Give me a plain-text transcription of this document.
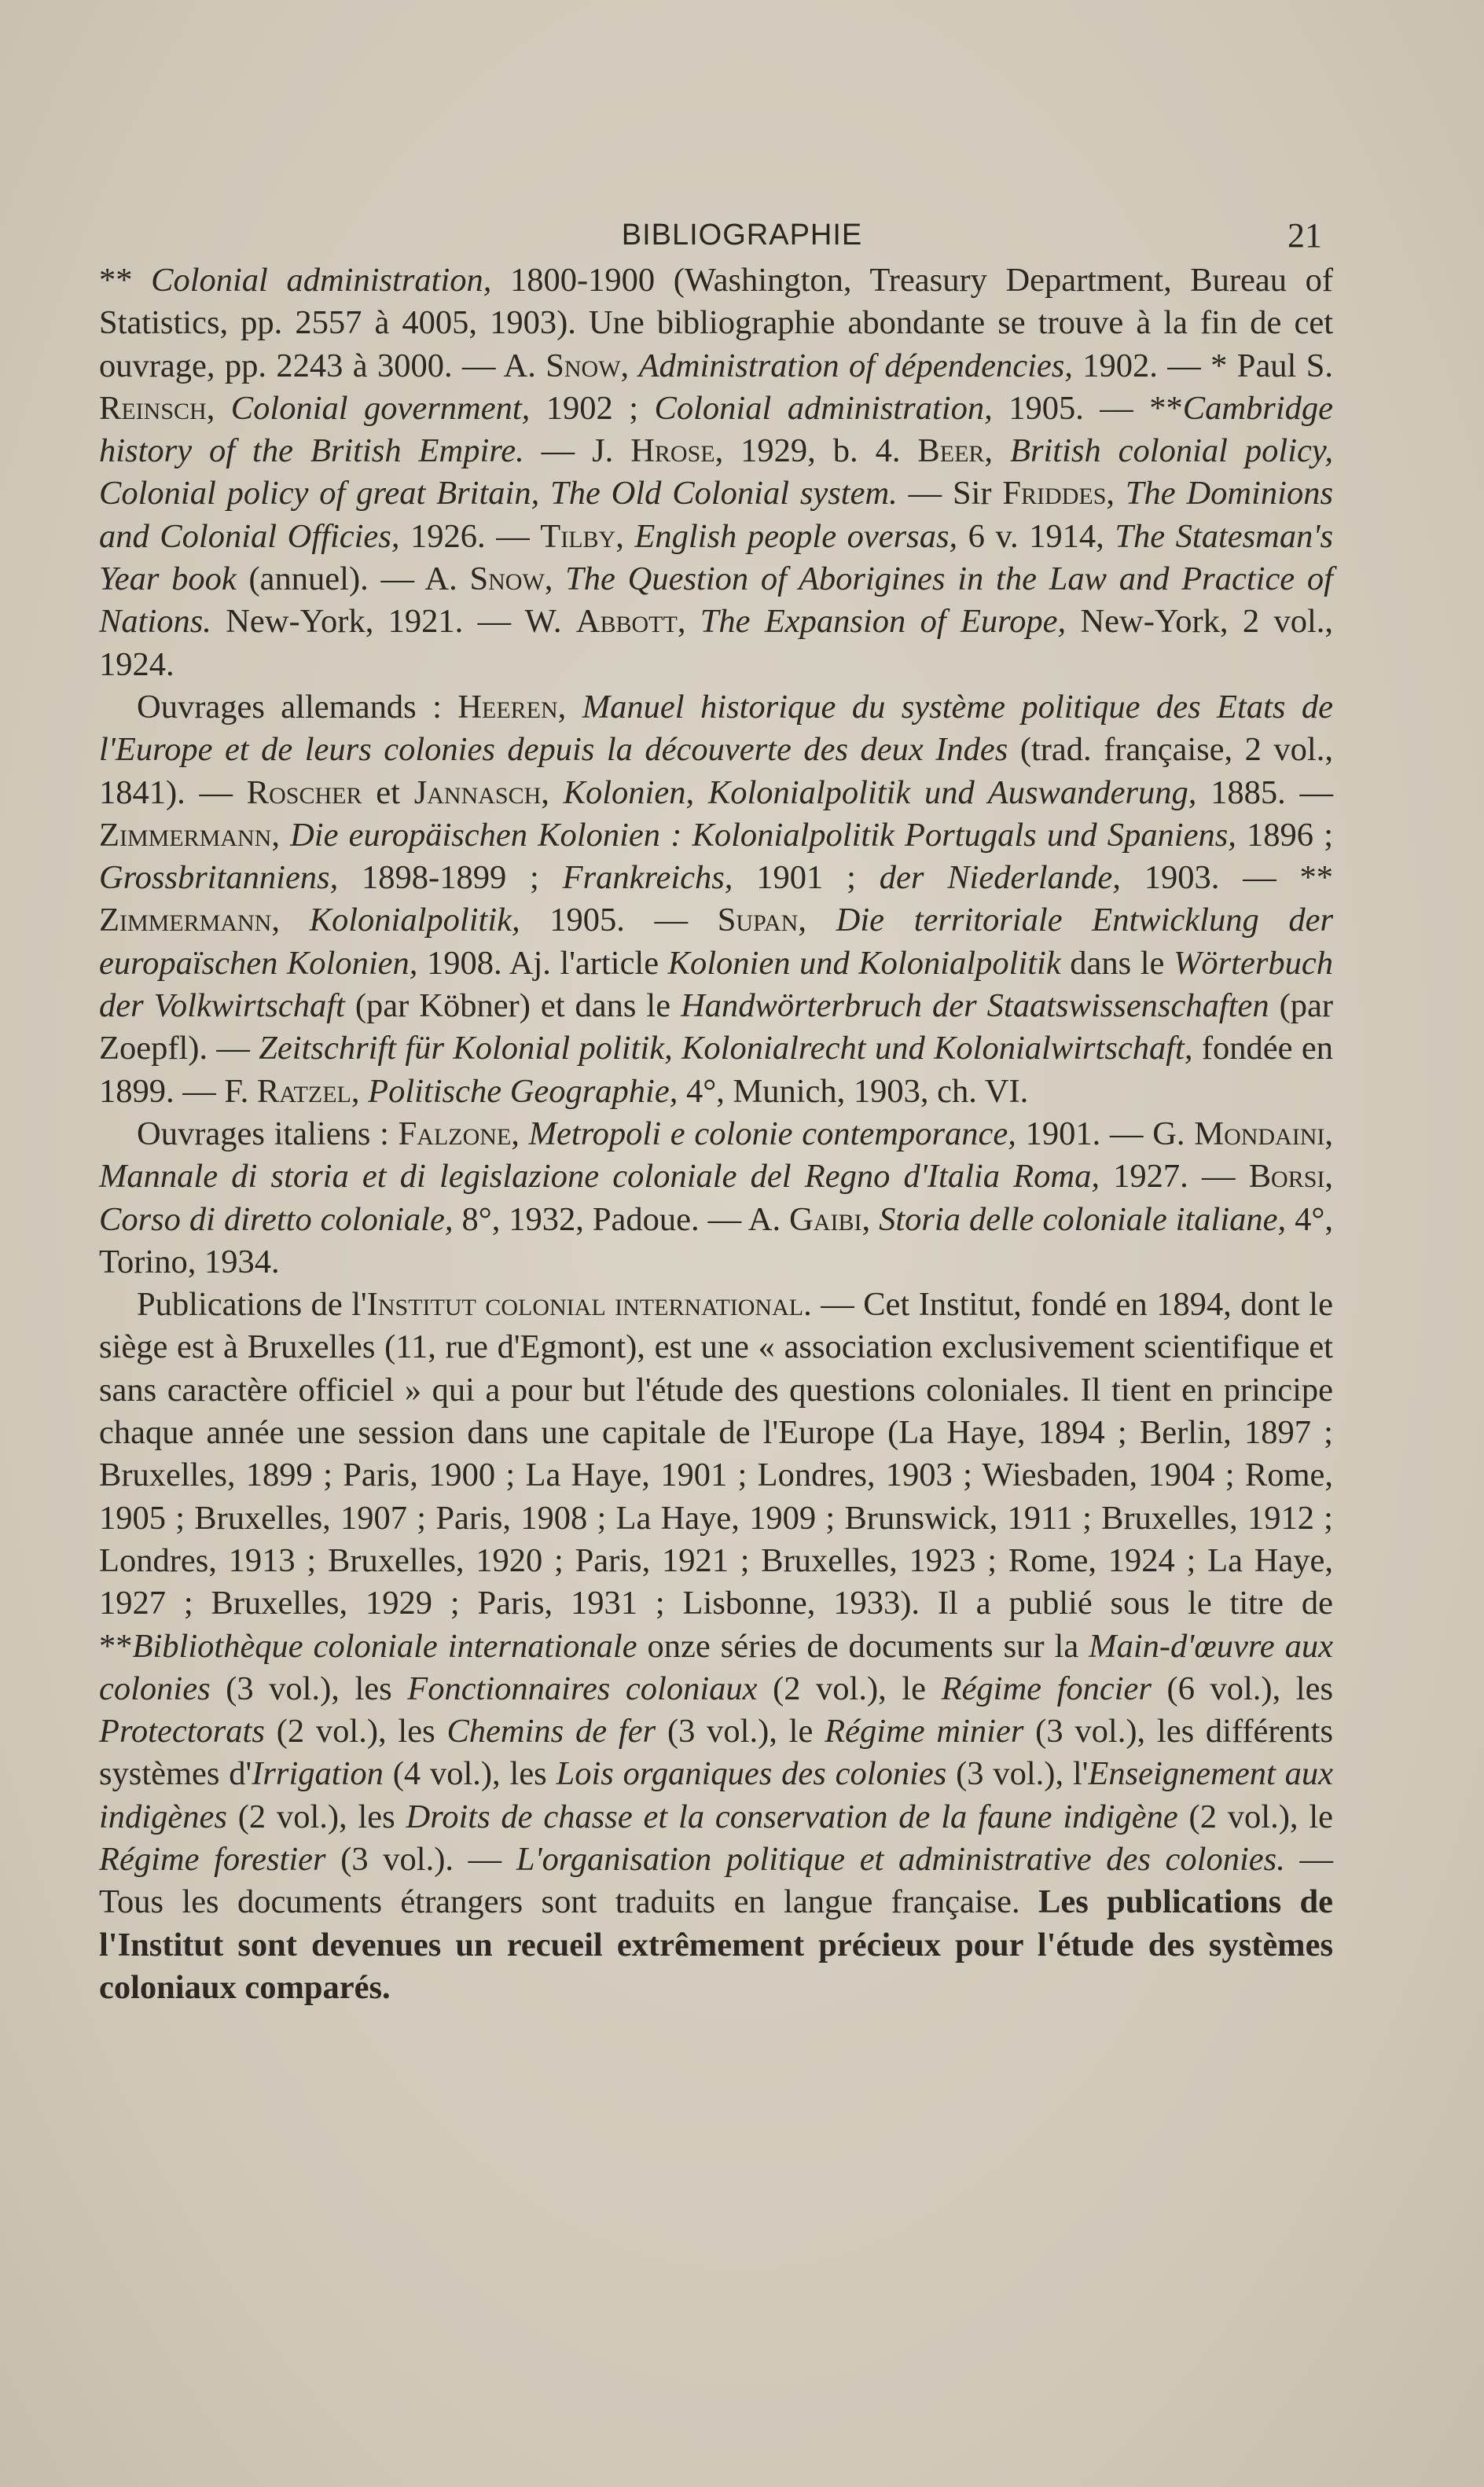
BIBLIOGRAPHIE	21

** Colonial administration, 1800-1900 (Washington, Treasury Department, Bureau of Statistics, pp. 2557 à 4005, 1903). Une bibliographie abondante se trouve à la fin de cet ouvrage, pp. 2243 à 3000. — A. Snow, Administration of dépendencies, 1902. — * Paul S. Reinsch, Colonial government, 1902 ; Colonial administration, 1905. — **Cambridge history of the British Empire. — J. Hrose, 1929, b. 4. Beer, British colonial policy, Colonial policy of great Britain, The Old Colonial system. — Sir Friddes, The Dominions and Colonial Officies, 1926. — Tilby, English people oversas, 6 v. 1914, The Statesman's Year book (annuel). — A. Snow, The Question of Aborigines in the Law and Practice of Nations. New-York, 1921. — W. Abbott, The Expansion of Europe, New-York, 2 vol., 1924.

Ouvrages allemands : Heeren, Manuel historique du système politique des Etats de l'Europe et de leurs colonies depuis la découverte des deux Indes (trad. française, 2 vol., 1841). — Roscher et Jannasch, Kolonien, Kolonialpolitik und Auswanderung, 1885. — Zimmermann, Die europäischen Kolonien : Kolonialpolitik Portugals und Spaniens, 1896 ; Grossbritanniens, 1898-1899 ; Frankreichs, 1901 ; der Niederlande, 1903. — ** Zimmermann, Kolonialpolitik, 1905. — Supan, Die territoriale Entwicklung der europaïschen Kolonien, 1908. Aj. l'article Kolonien und Kolonialpolitik dans le Wörterbuch der Volkwirtschaft (par Köbner) et dans le Handwörterbruch der Staatswissenschaften (par Zoepfl). — Zeitschrift für Kolonial politik, Kolonialrecht und Kolonialwirtschaft, fondée en 1899. — F. Ratzel, Politische Geographie, 4°, Munich, 1903, ch. VI.

Ouvrages italiens : Falzone, Metropoli e colonie contemporance, 1901. — G. Mondaini, Mannale di storia et di legislazione coloniale del Regno d'Italia Roma, 1927. — Borsi, Corso di diretto coloniale, 8°, 1932, Padoue. — A. Gaibi, Storia delle coloniale italiane, 4°, Torino, 1934.

Publications de l'Institut colonial international. — Cet Institut, fondé en 1894, dont le siège est à Bruxelles (11, rue d'Egmont), est une « association exclusivement scientifique et sans caractère officiel » qui a pour but l'étude des questions coloniales. Il tient en principe chaque année une session dans une capitale de l'Europe (La Haye, 1894 ; Berlin, 1897 ; Bruxelles, 1899 ; Paris, 1900 ; La Haye, 1901 ; Londres, 1903 ; Wiesbaden, 1904 ; Rome, 1905 ; Bruxelles, 1907 ; Paris, 1908 ; La Haye, 1909 ; Brunswick, 1911 ; Bruxelles, 1912 ; Londres, 1913 ; Bruxelles, 1920 ; Paris, 1921 ; Bruxelles, 1923 ; Rome, 1924 ; La Haye, 1927 ; Bruxelles, 1929 ; Paris, 1931 ; Lisbonne, 1933). Il a publié sous le titre de **Bibliothèque coloniale internationale onze séries de documents sur la Main-d'œuvre aux colonies (3 vol.), les Fonctionnaires coloniaux (2 vol.), le Régime foncier (6 vol.), les Protectorats (2 vol.), les Chemins de fer (3 vol.), le Régime minier (3 vol.), les différents systèmes d'Irrigation (4 vol.), les Lois organiques des colonies (3 vol.), l'Enseignement aux indigènes (2 vol.), les Droits de chasse et la conservation de la faune indigène (2 vol.), le Régime forestier (3 vol.). — L'organisation politique et administrative des colonies. — Tous les documents étrangers sont traduits en langue française. Les publications de l'Institut sont devenues un recueil extrêmement précieux pour l'étude des systèmes coloniaux comparés.
